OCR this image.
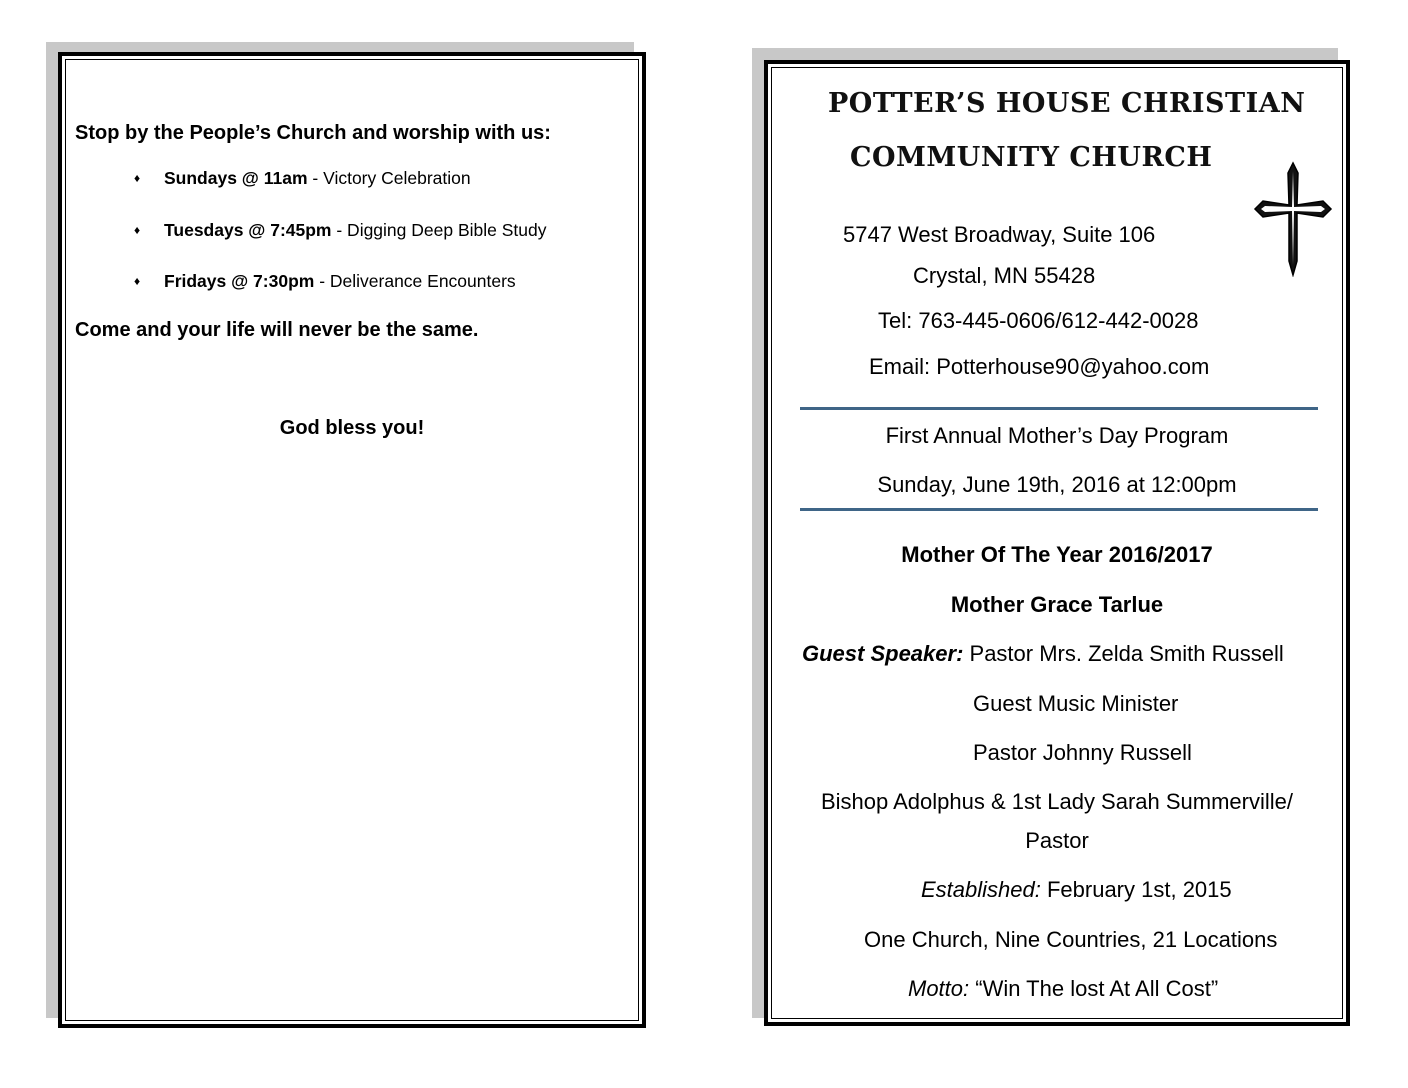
Stop by the People’s Church and worship with us:
♦ Sundays @ 11am - Victory Celebration
♦ Tuesdays @ 7:45pm - Digging Deep Bible Study
♦ Fridays @ 7:30pm - Deliverance Encounters
Come and your life will never be the same.
God bless you!
POTTER’S HOUSE CHRISTIAN
COMMUNITY CHURCH
5747 West Broadway, Suite 106
Crystal, MN 55428
Tel: 763-445-0606/612-442-0028
Email: Potterhouse90@yahoo.com
First Annual Mother’s Day Program
Sunday, June 19th, 2016 at 12:00pm
Mother Of The Year 2016/2017
Mother Grace Tarlue
Guest Speaker: Pastor Mrs. Zelda Smith Russell
Guest Music Minister
Pastor Johnny Russell
Bishop Adolphus & 1st Lady Sarah Summerville/
Pastor
Established: February 1st, 2015
One Church, Nine Countries, 21 Locations
Motto: “Win The lost At All Cost”
